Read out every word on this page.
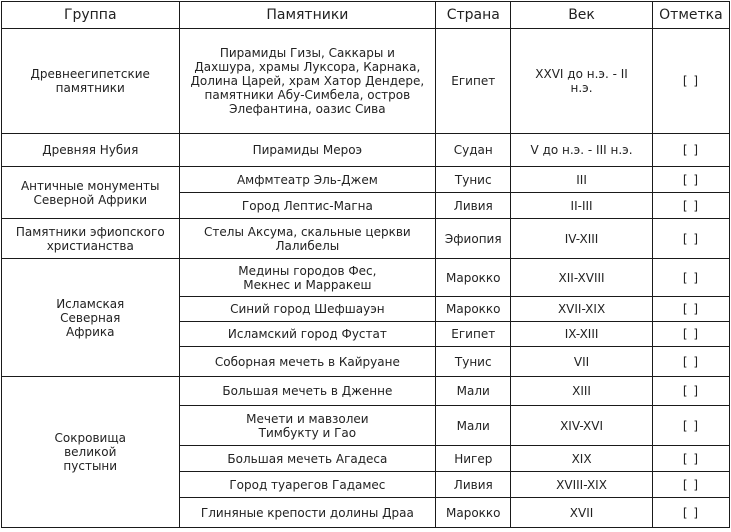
Группа	Памятники	Страна	Век	Отметка
Древнеегипетские памятники	Пирамиды Гизы, Саккары и Дахшура, храмы Луксора, Карнака, Долина Царей, храм Хатор Дендере, памятники Абу-Симбела, остров Элефантина, оазис Сива	Египет	XXVI до н.э. - II н.э.	[ ]
Древняя Нубия	Пирамиды Мероэ	Судан	V до н.э. - III н.э.	[ ]
Античные монументы Северной Африки	Амфмтеатр Эль-Джем	Тунис	III	[ ]
	Город Лептис-Магна	Ливия	II-III	[ ]
Памятники эфиопского христианства	Стелы Аксума, скальные церкви Лалибелы	Эфиопия	IV-XIII	[ ]
Исламская Северная Африка	Медины городов Фес, Мекнес и Марракеш	Марокко	XII-XVIII	[ ]
	Синий город Шефшауэн	Марокко	XVII-XIX	[ ]
	Исламский город Фустат	Египет	IX-XIII	[ ]
	Соборная мечеть в Кайруане	Тунис	VII	[ ]
Сокровища великой пустыни	Большая мечеть в Дженне	Мали	XIII	[ ]
	Мечети и мавзолеи Тимбукту и Гао	Мали	XIV-XVI	[ ]
	Большая мечеть Агадеса	Нигер	XIX	[ ]
	Город туарегов Гадамес	Ливия	XVIII-XIX	[ ]
	Глиняные крепости долины Драа	Марокко	XVII	[ ]
